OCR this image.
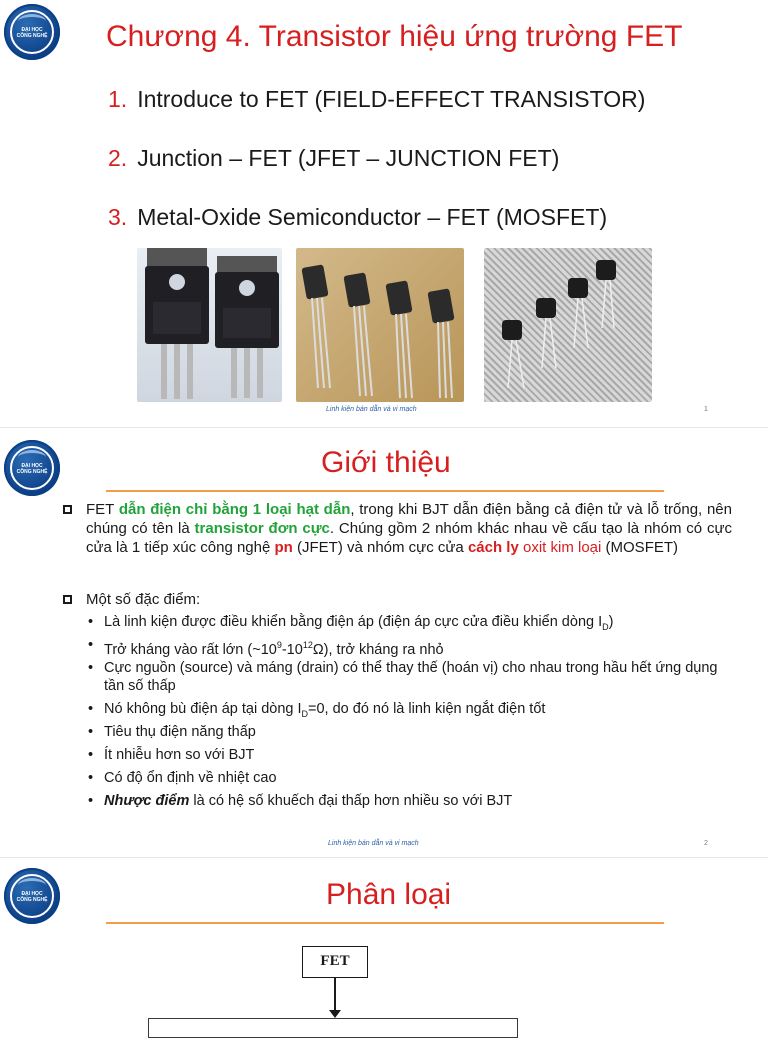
ĐẠI HỌC
CÔNG NGHỆ	Chương 4. Transistor hiệu ứng trường FET
1. Introduce to FET (FIELD-EFFECT TRANSISTOR)
2. Junction – FET (JFET – JUNCTION FET)
3. Metal-Oxide Semiconductor – FET (MOSFET)
Linh kiện bán dẫn và vi mạch	1
ĐẠI HỌC
CÔNG NGHỆ	Giới thiệu
FET dẫn điện chỉ bằng 1 loại hạt dẫn, trong khi BJT dẫn điện bằng cả điện tử và lỗ trống, nên chúng có tên là transistor đơn cực. Chúng gồm 2 nhóm khác nhau về cấu tạo là nhóm có cực cửa là 1 tiếp xúc công nghệ pn (JFET) và nhóm cực cửa cách ly oxit kim loại (MOSFET)
Một số đặc điểm:
• Là linh kiện được điều khiển bằng điện áp (điện áp cực cửa điều khiển dòng $I_D$)
• Trở kháng vào rất lớn $(\sim 10^9-10^{12}\Omega)$, trở kháng ra nhỏ
• Cực nguồn (source) và máng (drain) có thể thay thế (hoán vị) cho nhau trong hầu hết ứng dụng tần số thấp
• Nó không bù điện áp tại dòng $I_D=0$, do đó nó là linh kiện ngắt điện tốt
• Tiêu thụ điện năng thấp
• Ít nhiễu hơn so với BJT
• Có độ ổn định về nhiệt cao
• Nhược điểm là có hệ số khuếch đại thấp hơn nhiều so với BJT
Linh kiện bán dẫn và vi mạch	2
ĐẠI HỌC
CÔNG NGHỆ	Phân loại
FET
